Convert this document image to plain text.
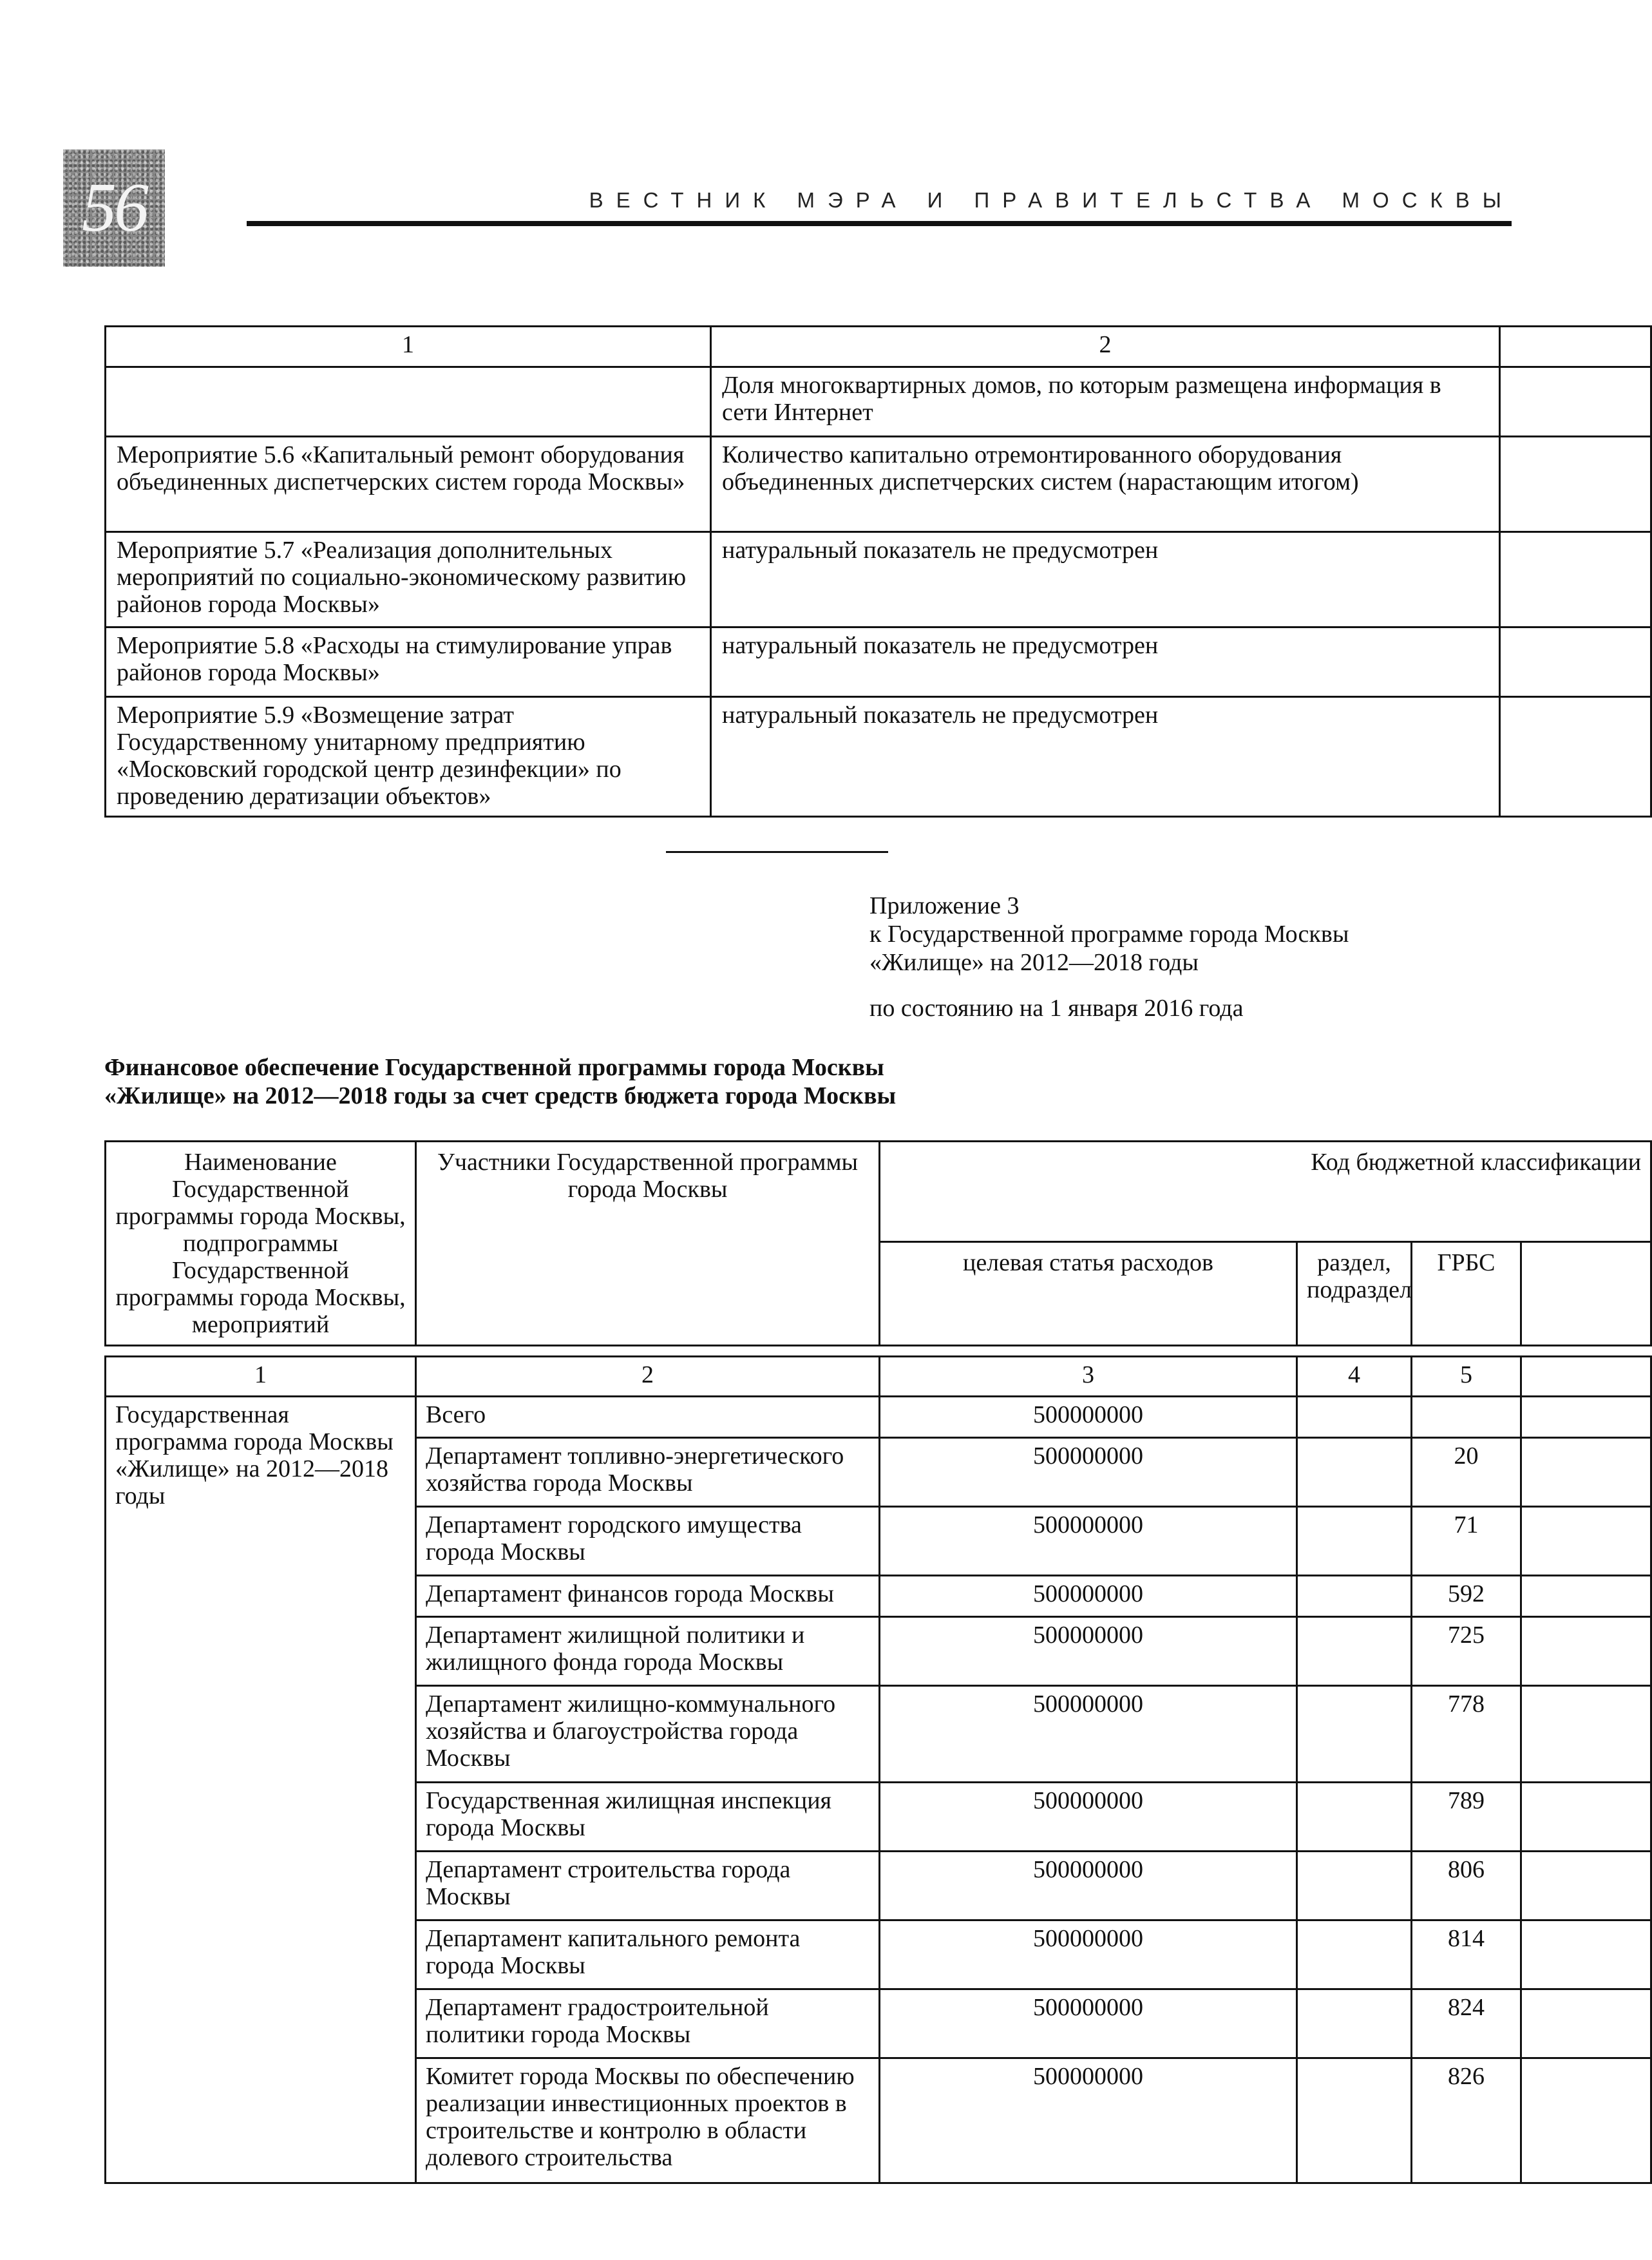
56	ВЕСТНИК МЭРА И ПРАВИТЕЛЬСТВА МОСКВЫ
1	2	
	Доля многоквартирных домов, по которым размещена информация в сети Интернет	
Мероприятие 5.6 «Капитальный ремонт оборудования объединенных диспетчерских систем города Москвы»	Количество капитально отремонтированного оборудования объединенных диспетчерских систем (нарастающим итогом)	
Мероприятие 5.7 «Реализация дополнительных мероприятий по социально-экономическому развитию районов города Москвы»	натуральный показатель не предусмотрен	
Мероприятие 5.8 «Расходы на стимулирование управ районов города Москвы»	натуральный показатель не предусмотрен	
Мероприятие 5.9 «Возмещение затрат Государственному унитарному предприятию «Московский городской центр дезинфекции» по проведению дератизации объектов»	натуральный показатель не предусмотрен	
Приложение 3
к Государственной программе города Москвы
«Жилище» на 2012—2018 годы
по состоянию на 1 января 2016 года
Финансовое обеспечение Государственной программы города Москвы
«Жилище» на 2012—2018 годы за счет средств бюджета города Москвы
Наименование Государственной программы города Москвы, подпрограммы Государственной программы города Москвы, мероприятий	Участники Государственной программы города Москвы	Код бюджетной классификации			
		целевая статья расходов	раздел, подраздел	ГРБС	
1	2	3	4	5	
Государственная программа города Москвы «Жилище» на 2012—2018 годы	Всего	500000000			
	Департамент топливно-энергетического хозяйства города Москвы	500000000		20	
	Департамент городского имущества города Москвы	500000000		71	
	Департамент финансов города Москвы	500000000		592	
	Департамент жилищной политики и жилищного фонда города Москвы	500000000		725	
	Департамент жилищно-коммунального хозяйства и благоустройства города Москвы	500000000		778	
	Государственная жилищная инспекция города Москвы	500000000		789	
	Департамент строительства города Москвы	500000000		806	
	Департамент капитального ремонта города Москвы	500000000		814	
	Департамент градостроительной политики города Москвы	500000000		824	
	Комитет города Москвы по обеспечению реализации инвестиционных проектов в строительстве и контролю в области долевого строительства	500000000		826	
